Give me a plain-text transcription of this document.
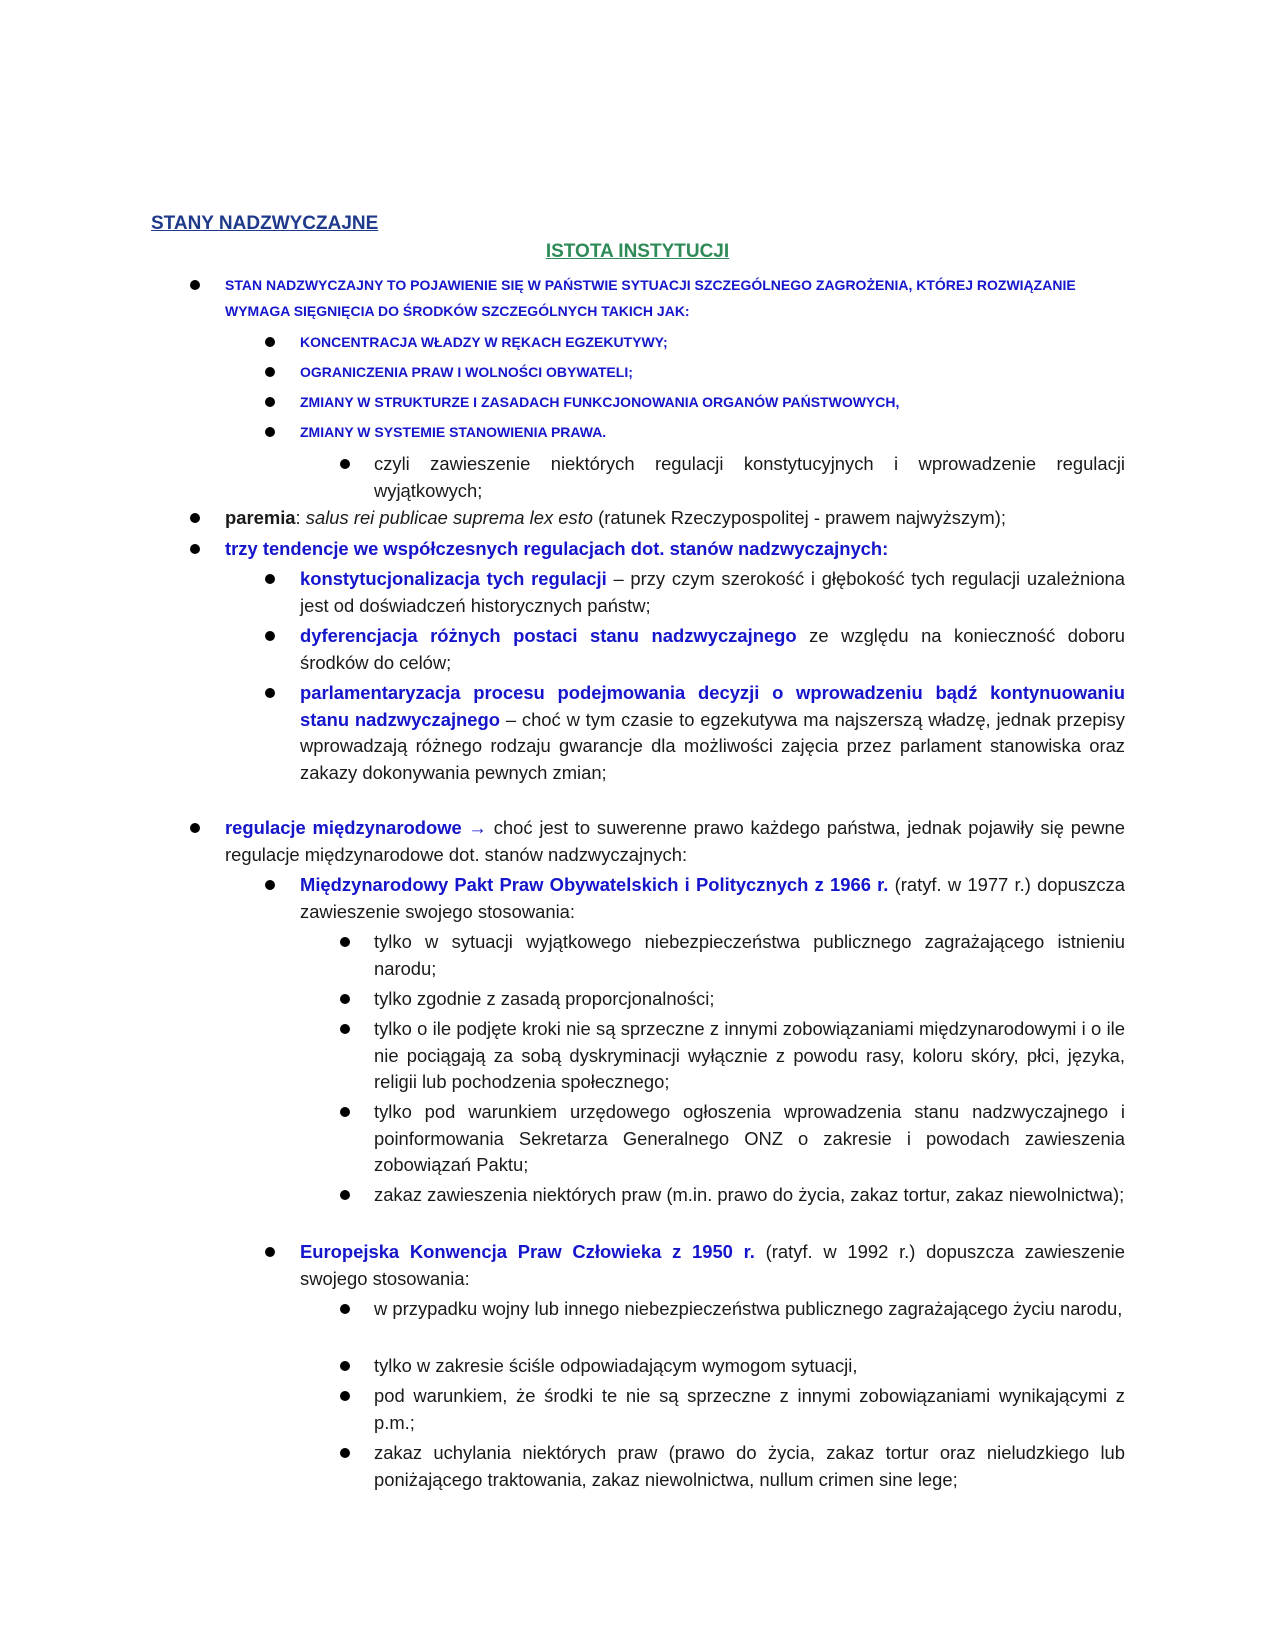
STANY NADZWYCZAJNE
ISTOTA INSTYTUCJI
STAN NADZWYCZAJNY TO POJAWIENIE SIĘ W PAŃSTWIE SYTUACJI SZCZEGÓLNEGO ZAGROŻENIA, KTÓREJ ROZWIĄZANIE WYMAGA SIĘGNIĘCIA DO ŚRODKÓW SZCZEGÓLNYCH TAKICH JAK:
KONCENTRACJA WŁADZY W RĘKACH EGZEKUTYWY;
OGRANICZENIA PRAW I WOLNOŚCI OBYWATELI;
ZMIANY W STRUKTURZE I ZASADACH FUNKCJONOWANIA ORGANÓW PAŃSTWOWYCH,
ZMIANY W SYSTEMIE STANOWIENIA PRAWA.
czyli zawieszenie niektórych regulacji konstytucyjnych i wprowadzenie regulacji wyjątkowych;
paremia: salus rei publicae suprema lex esto (ratunek Rzeczypospolitej - prawem najwyższym);
trzy tendencje we współczesnych regulacjach dot. stanów nadzwyczajnych:
konstytucjonalizacja tych regulacji – przy czym szerokość i głębokość tych regulacji uzależniona jest od doświadczeń historycznych państw;
dyferencjacja różnych postaci stanu nadzwyczajnego ze względu na konieczność doboru środków do celów;
parlamentaryzacja procesu podejmowania decyzji o wprowadzeniu bądź kontynuowaniu stanu nadzwyczajnego – choć w tym czasie to egzekutywa ma najszerszą władzę, jednak przepisy wprowadzają różnego rodzaju gwarancje dla możliwości zajęcia przez parlament stanowiska oraz zakazy dokonywania pewnych zmian;
regulacje międzynarodowe → choć jest to suwerenne prawo każdego państwa, jednak pojawiły się pewne regulacje międzynarodowe dot. stanów nadzwyczajnych:
Międzynarodowy Pakt Praw Obywatelskich i Politycznych z 1966 r. (ratyf. w 1977 r.) dopuszcza zawieszenie swojego stosowania:
tylko w sytuacji wyjątkowego niebezpieczeństwa publicznego zagrażającego istnieniu narodu;
tylko zgodnie z zasadą proporcjonalności;
tylko o ile podjęte kroki nie są sprzeczne z innymi zobowiązaniami międzynarodowymi i o ile nie pociągają za sobą dyskryminacji wyłącznie z powodu rasy, koloru skóry, płci, języka, religii lub pochodzenia społecznego;
tylko pod warunkiem urzędowego ogłoszenia wprowadzenia stanu nadzwyczajnego i poinformowania Sekretarza Generalnego ONZ o zakresie i powodach zawieszenia zobowiązań Paktu;
zakaz zawieszenia niektórych praw (m.in. prawo do życia, zakaz tortur, zakaz niewolnictwa);
Europejska Konwencja Praw Człowieka z 1950 r. (ratyf. w 1992 r.) dopuszcza zawieszenie swojego stosowania:
w przypadku wojny lub innego niebezpieczeństwa publicznego zagrażającego życiu narodu,
tylko w zakresie ściśle odpowiadającym wymogom sytuacji,
pod warunkiem, że środki te nie są sprzeczne z innymi zobowiązaniami wynikającymi z p.m.;
zakaz uchylania niektórych praw (prawo do życia, zakaz tortur oraz nieludzkiego lub poniżającego traktowania, zakaz niewolnictwa, nullum crimen sine lege;
